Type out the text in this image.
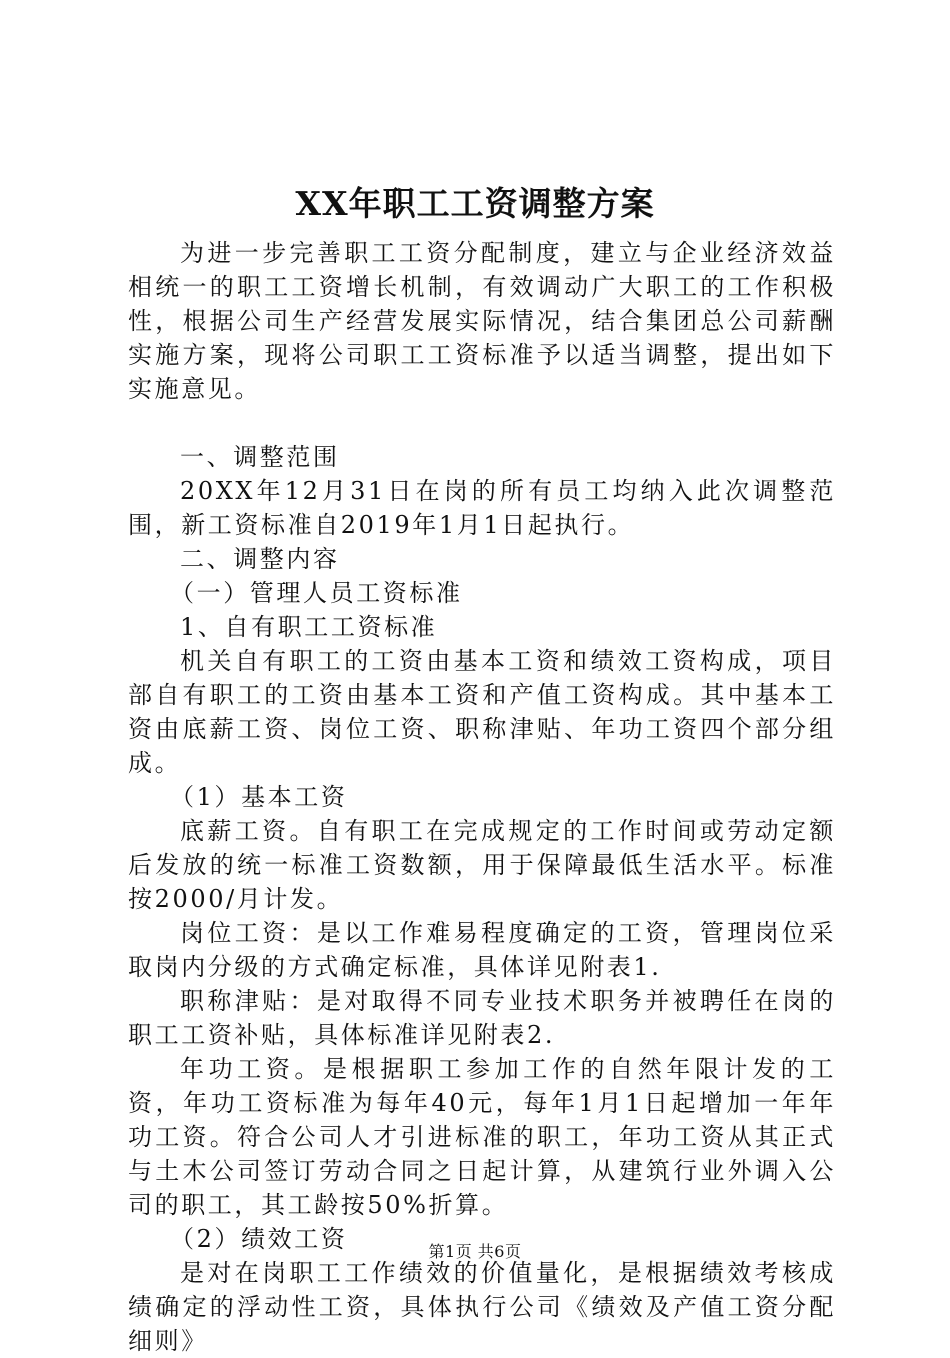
XX年职工工资调整方案

为进一步完善职工工资分配制度，建立与企业经济效益相统一的职工工资增长机制，有效调动广大职工的工作积极性，根据公司生产经营发展实际情况，结合集团总公司薪酬实施方案，现将公司职工工资标准予以适当调整，提出如下实施意见。

一、调整范围

20XX年12月31日在岗的所有员工均纳入此次调整范围，新工资标准自2019年1月1日起执行。

二、调整内容

（一）管理人员工资标准

1、自有职工工资标准

机关自有职工的工资由基本工资和绩效工资构成，项目部自有职工的工资由基本工资和产值工资构成。其中基本工资由底薪工资、岗位工资、职称津贴、年功工资四个部分组成。

（1）基本工资

底薪工资。自有职工在完成规定的工作时间或劳动定额后发放的统一标准工资数额，用于保障最低生活水平。标准按2000/月计发。

岗位工资：是以工作难易程度确定的工资，管理岗位采取岗内分级的方式确定标准，具体详见附表1.

职称津贴：是对取得不同专业技术职务并被聘任在岗的职工工资补贴，具体标准详见附表2.

年功工资。是根据职工参加工作的自然年限计发的工资，年功工资标准为每年40元，每年1月1日起增加一年年功工资。符合公司人才引进标准的职工，年功工资从其正式与土木公司签订劳动合同之日起计算，从建筑行业外调入公司的职工，其工龄按50%折算。

（2）绩效工资

是对在岗职工工作绩效的价值量化，是根据绩效考核成绩确定的浮动性工资，具体执行公司《绩效及产值工资分配细则》

第1页 共6页
